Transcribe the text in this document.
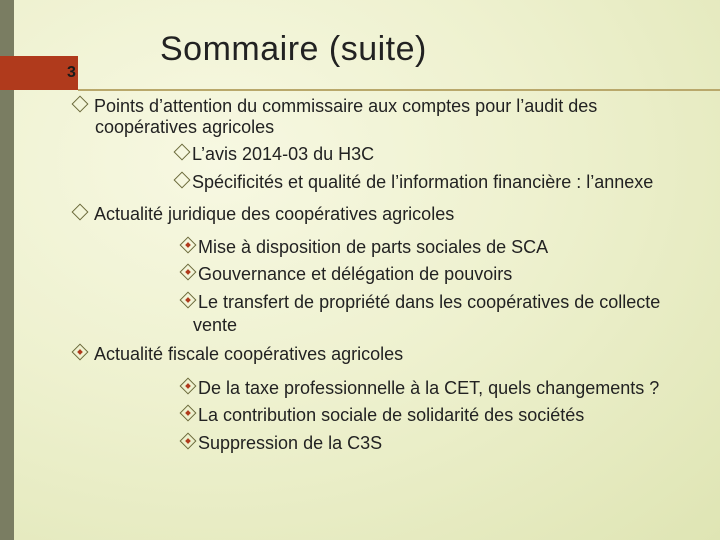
3
Sommaire (suite)
Points d’attention du commissaire aux comptes pour l’audit des
coopératives agricoles
L’avis 2014-03 du H3C
Spécificités et qualité de l’information financière : l’annexe
Actualité juridique des coopératives agricoles
Mise à disposition de parts sociales de SCA
Gouvernance et délégation de pouvoirs
Le transfert de propriété dans les coopératives de collecte
vente
Actualité fiscale coopératives agricoles
De la taxe professionnelle à la CET, quels changements ?
La contribution sociale de solidarité des sociétés
Suppression de la C3S
